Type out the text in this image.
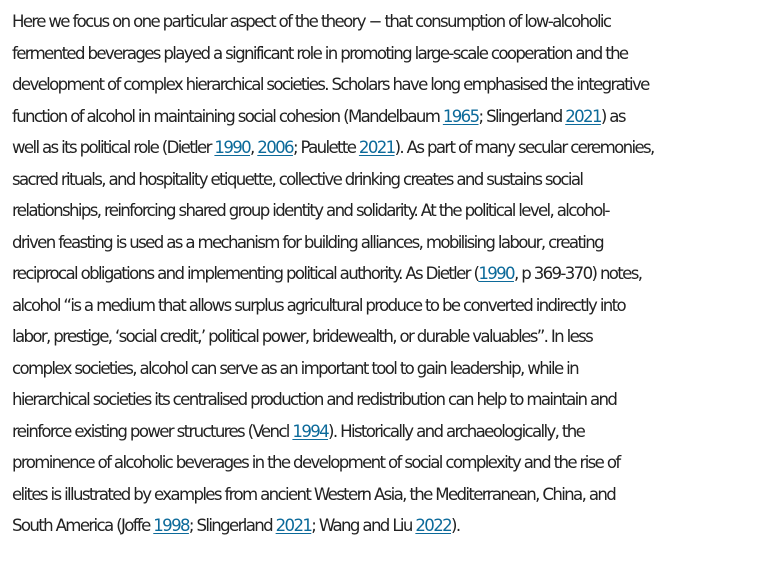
Here we focus on one particular aspect of the theory − that consumption of low-alcoholic
fermented beverages played a significant role in promoting large-scale cooperation and the
development of complex hierarchical societies. Scholars have long emphasised the integrative
function of alcohol in maintaining social cohesion (Mandelbaum 1965; Slingerland 2021) as
well as its political role (Dietler 1990, 2006; Paulette 2021). As part of many secular ceremonies,
sacred rituals, and hospitality etiquette, collective drinking creates and sustains social
relationships, reinforcing shared group identity and solidarity. At the political level, alcohol-
driven feasting is used as a mechanism for building alliances, mobilising labour, creating
reciprocal obligations and implementing political authority. As Dietler (1990, p 369-370) notes,
alcohol “is a medium that allows surplus agricultural produce to be converted indirectly into
labor, prestige, ‘social credit,’ political power, bridewealth, or durable valuables”. In less
complex societies, alcohol can serve as an important tool to gain leadership, while in
hierarchical societies its centralised production and redistribution can help to maintain and
reinforce existing power structures (Vencl 1994). Historically and archaeologically, the
prominence of alcoholic beverages in the development of social complexity and the rise of
elites is illustrated by examples from ancient Western Asia, the Mediterranean, China, and
South America (Joffe 1998; Slingerland 2021; Wang and Liu 2022).
